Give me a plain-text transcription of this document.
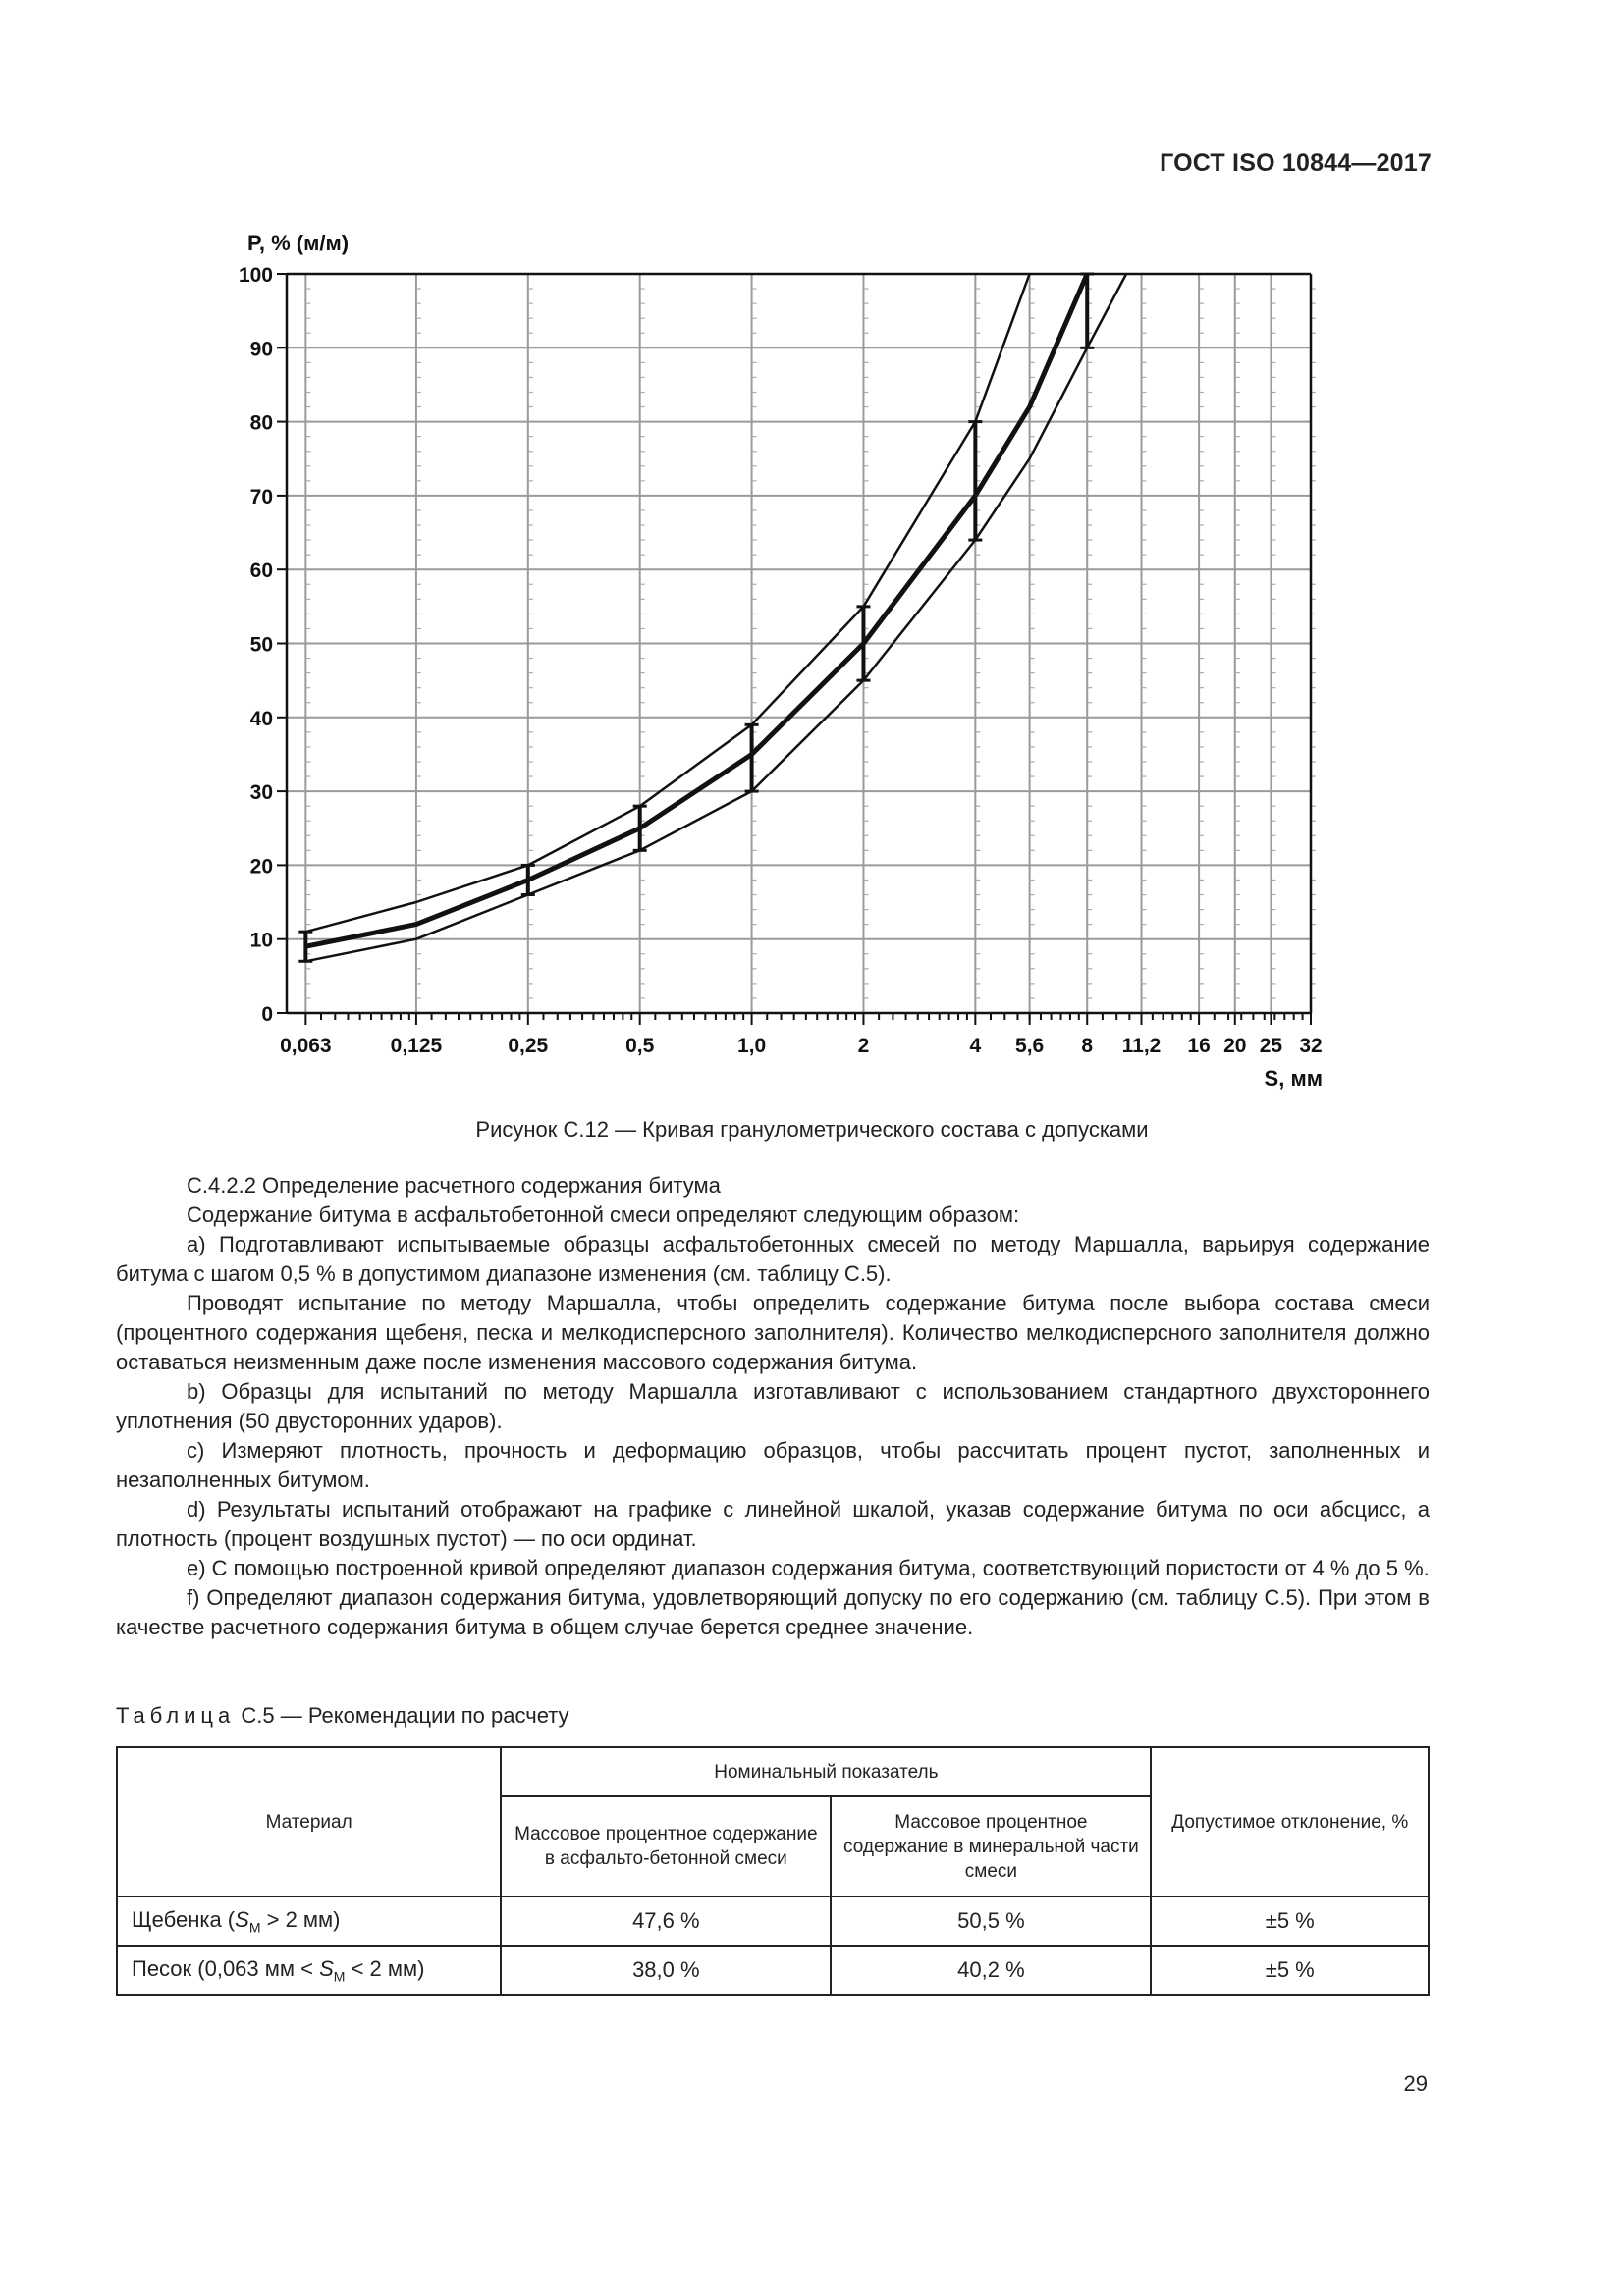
ГОСТ ISO 10844—2017
0
10
20
30
40
50
60
70
80
90
100
0,063	0,125	0,25	0,5	1,0	2	4 5,6 8 11,2 16 20 25 32
P, % (м/м)
S, мм
Рисунок С.12 — Кривая гранулометрического состава с допусками

С.4.2.2 Определение расчетного содержания битума

Содержание битума в асфальтобетонной смеси определяют следующим образом:

a) Подготавливают испытываемые образцы асфальтобетонных смесей по методу Маршалла, варьируя содержание битума с шагом 0,5 % в допустимом диапазоне изменения (см. таблицу С.5).

Проводят испытание по методу Маршалла, чтобы определить содержание битума после выбора состава смеси (процентного содержания щебеня, песка и мелкодисперсного заполнителя). Количество мелкодисперсного заполнителя должно оставаться неизменным даже после изменения массового содержания битума.

b) Образцы для испытаний по методу Маршалла изготавливают с использованием стандартного двухстороннего уплотнения (50 двусторонних ударов).

c) Измеряют плотность, прочность и деформацию образцов, чтобы рассчитать процент пустот, заполненных и незаполненных битумом.

d) Результаты испытаний отображают на графике с линейной шкалой, указав содержание битума по оси абсцисс, а плотность (процент воздушных пустот) — по оси ординат.

e) С помощью построенной кривой определяют диапазон содержания битума, соответствующий пористости от 4 % до 5 %.

f) Определяют диапазон содержания битума, удовлетворяющий допуску по его содержанию (см. таблицу С.5). При этом в качестве расчетного содержания битума в общем случае берется среднее значение.

Таблица С.5 — Рекомендации по расчету
Материал	Номинальный показатель		Допустимое отклонение, %
	Массовое процентное содержание в асфальто-бетонной смеси	Массовое процентное содержание в минеральной части смеси	
Щебенка ($S_M > 2$ мм)	47,6 %	50,5 %	±5 %
Песок (0,063 мм < $S_M < 2$ мм)	38,0 %	40,2 %	±5 %
29
